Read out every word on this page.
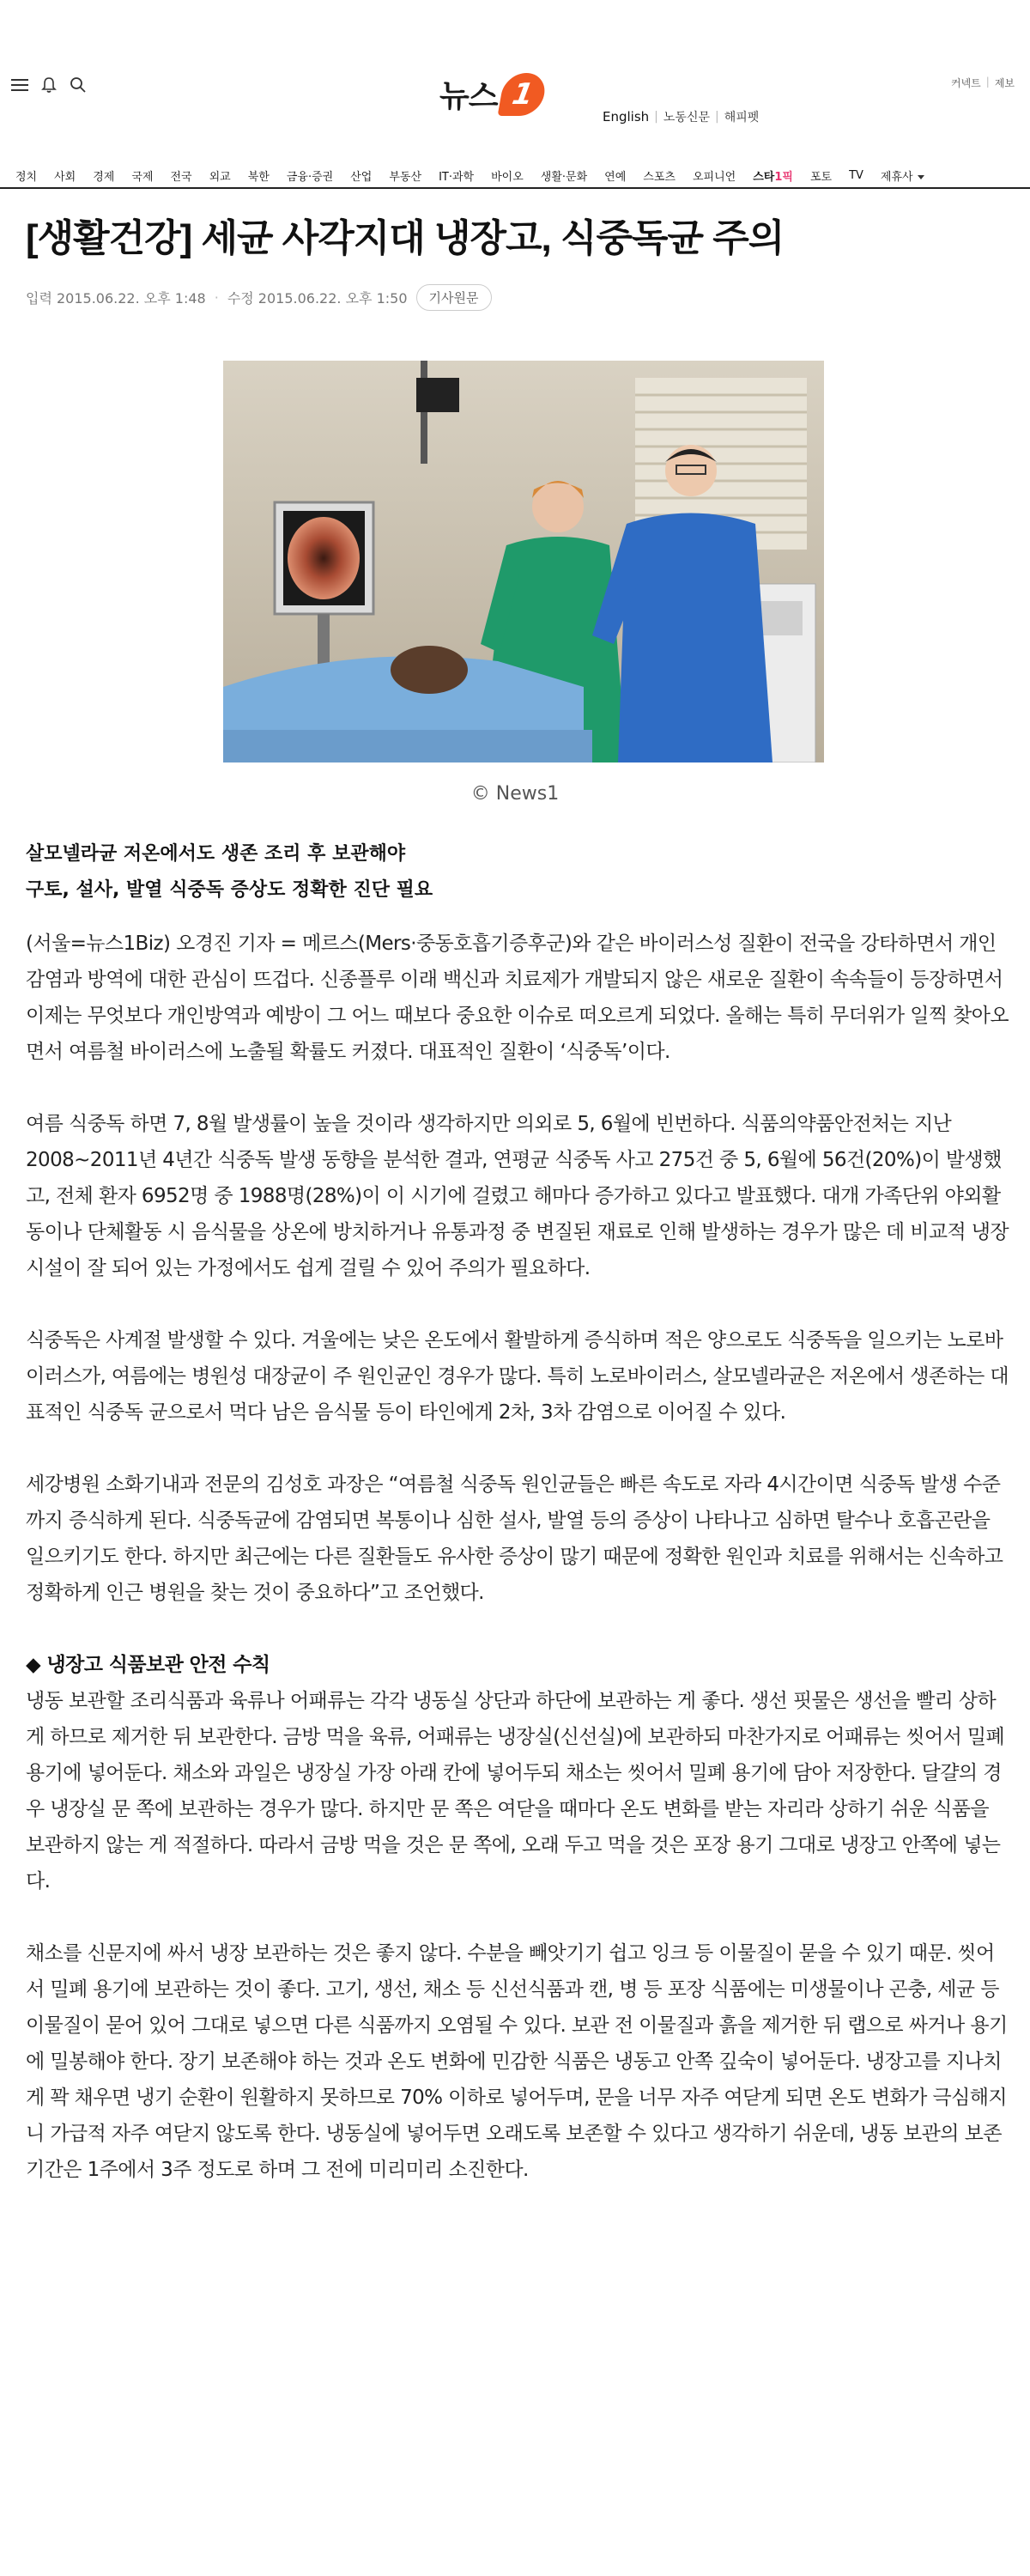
뉴스 1
English | 노동신문 | 해피펫
커넥트 | 제보
정치	사회	경제	국제	전국	외교	북한	금융·증권	산업	부동산	IT·과학	바이오	생활·문화	연예	스포츠	오피니언	스타1픽	포토	TV	제휴사
[생활건강] 세균 사각지대 냉장고, 식중독균 주의
입력 2015.06.22. 오후 1:48 · 수정 2015.06.22. 오후 1:50	기사원문
© News1
살모넬라균 저온에서도 생존 조리 후 보관해야
구토, 설사, 발열 식중독 증상도 정확한 진단 필요

(서울=뉴스1Biz) 오경진 기자 = 메르스(Mers·중동호흡기증후군)와 같은 바이러스성 질환이 전국을 강타하면서 개인감염과 방역에 대한 관심이 뜨겁다. 신종플루 이래 백신과 치료제가 개발되지 않은 새로운 질환이 속속들이 등장하면서 이제는 무엇보다 개인방역과 예방이 그 어느 때보다 중요한 이슈로 떠오르게 되었다. 올해는 특히 무더위가 일찍 찾아오면서 여름철 바이러스에 노출될 확률도 커졌다. 대표적인 질환이 ‘식중독’이다.

여름 식중독 하면 7, 8월 발생률이 높을 것이라 생각하지만 의외로 5, 6월에 빈번하다. 식품의약품안전처는 지난2008~2011년 4년간 식중독 발생 동향을 분석한 결과, 연평균 식중독 사고 275건 중 5, 6월에 56건(20%)이 발생했고, 전체 환자 6952명 중 1988명(28%)이 이 시기에 걸렸고 해마다 증가하고 있다고 발표했다. 대개 가족단위 야외활동이나 단체활동 시 음식물을 상온에 방치하거나 유통과정 중 변질된 재료로 인해 발생하는 경우가 많은 데 비교적 냉장시설이 잘 되어 있는 가정에서도 쉽게 걸릴 수 있어 주의가 필요하다.

식중독은 사계절 발생할 수 있다. 겨울에는 낮은 온도에서 활발하게 증식하며 적은 양으로도 식중독을 일으키는 노로바이러스가, 여름에는 병원성 대장균이 주 원인균인 경우가 많다. 특히 노로바이러스, 살모넬라균은 저온에서 생존하는 대표적인 식중독 균으로서 먹다 남은 음식물 등이 타인에게 2차, 3차 감염으로 이어질 수 있다.

세강병원 소화기내과 전문의 김성호 과장은 “여름철 식중독 원인균들은 빠른 속도로 자라 4시간이면 식중독 발생 수준까지 증식하게 된다. 식중독균에 감염되면 복통이나 심한 설사, 발열 등의 증상이 나타나고 심하면 탈수나 호흡곤란을 일으키기도 한다. 하지만 최근에는 다른 질환들도 유사한 증상이 많기 때문에 정확한 원인과 치료를 위해서는 신속하고 정확하게 인근 병원을 찾는 것이 중요하다”고 조언했다.

◆ 냉장고 식품보관 안전 수칙

냉동 보관할 조리식품과 육류나 어패류는 각각 냉동실 상단과 하단에 보관하는 게 좋다. 생선 핏물은 생선을 빨리 상하게 하므로 제거한 뒤 보관한다. 금방 먹을 육류, 어패류는 냉장실(신선실)에 보관하되 마찬가지로 어패류는 씻어서 밀폐 용기에 넣어둔다. 채소와 과일은 냉장실 가장 아래 칸에 넣어두되 채소는 씻어서 밀폐 용기에 담아 저장한다. 달걀의 경우 냉장실 문 쪽에 보관하는 경우가 많다. 하지만 문 쪽은 여닫을 때마다 온도 변화를 받는 자리라 상하기 쉬운 식품을 보관하지 않는 게 적절하다. 따라서 금방 먹을 것은 문 쪽에, 오래 두고 먹을 것은 포장 용기 그대로 냉장고 안쪽에 넣는다.

채소를 신문지에 싸서 냉장 보관하는 것은 좋지 않다. 수분을 빼앗기기 쉽고 잉크 등 이물질이 묻을 수 있기 때문. 씻어서 밀폐 용기에 보관하는 것이 좋다. 고기, 생선, 채소 등 신선식품과 캔, 병 등 포장 식품에는 미생물이나 곤충, 세균 등 이물질이 묻어 있어 그대로 넣으면 다른 식품까지 오염될 수 있다. 보관 전 이물질과 흙을 제거한 뒤 랩으로 싸거나 용기에 밀봉해야 한다. 장기 보존해야 하는 것과 온도 변화에 민감한 식품은 냉동고 안쪽 깊숙이 넣어둔다. 냉장고를 지나치게 꽉 채우면 냉기 순환이 원활하지 못하므로 70% 이하로 넣어두며, 문을 너무 자주 여닫게 되면 온도 변화가 극심해지니 가급적 자주 여닫지 않도록 한다. 냉동실에 넣어두면 오래도록 보존할 수 있다고 생각하기 쉬운데, 냉동 보관의 보존 기간은 1주에서 3주 정도로 하며 그 전에 미리미리 소진한다.
